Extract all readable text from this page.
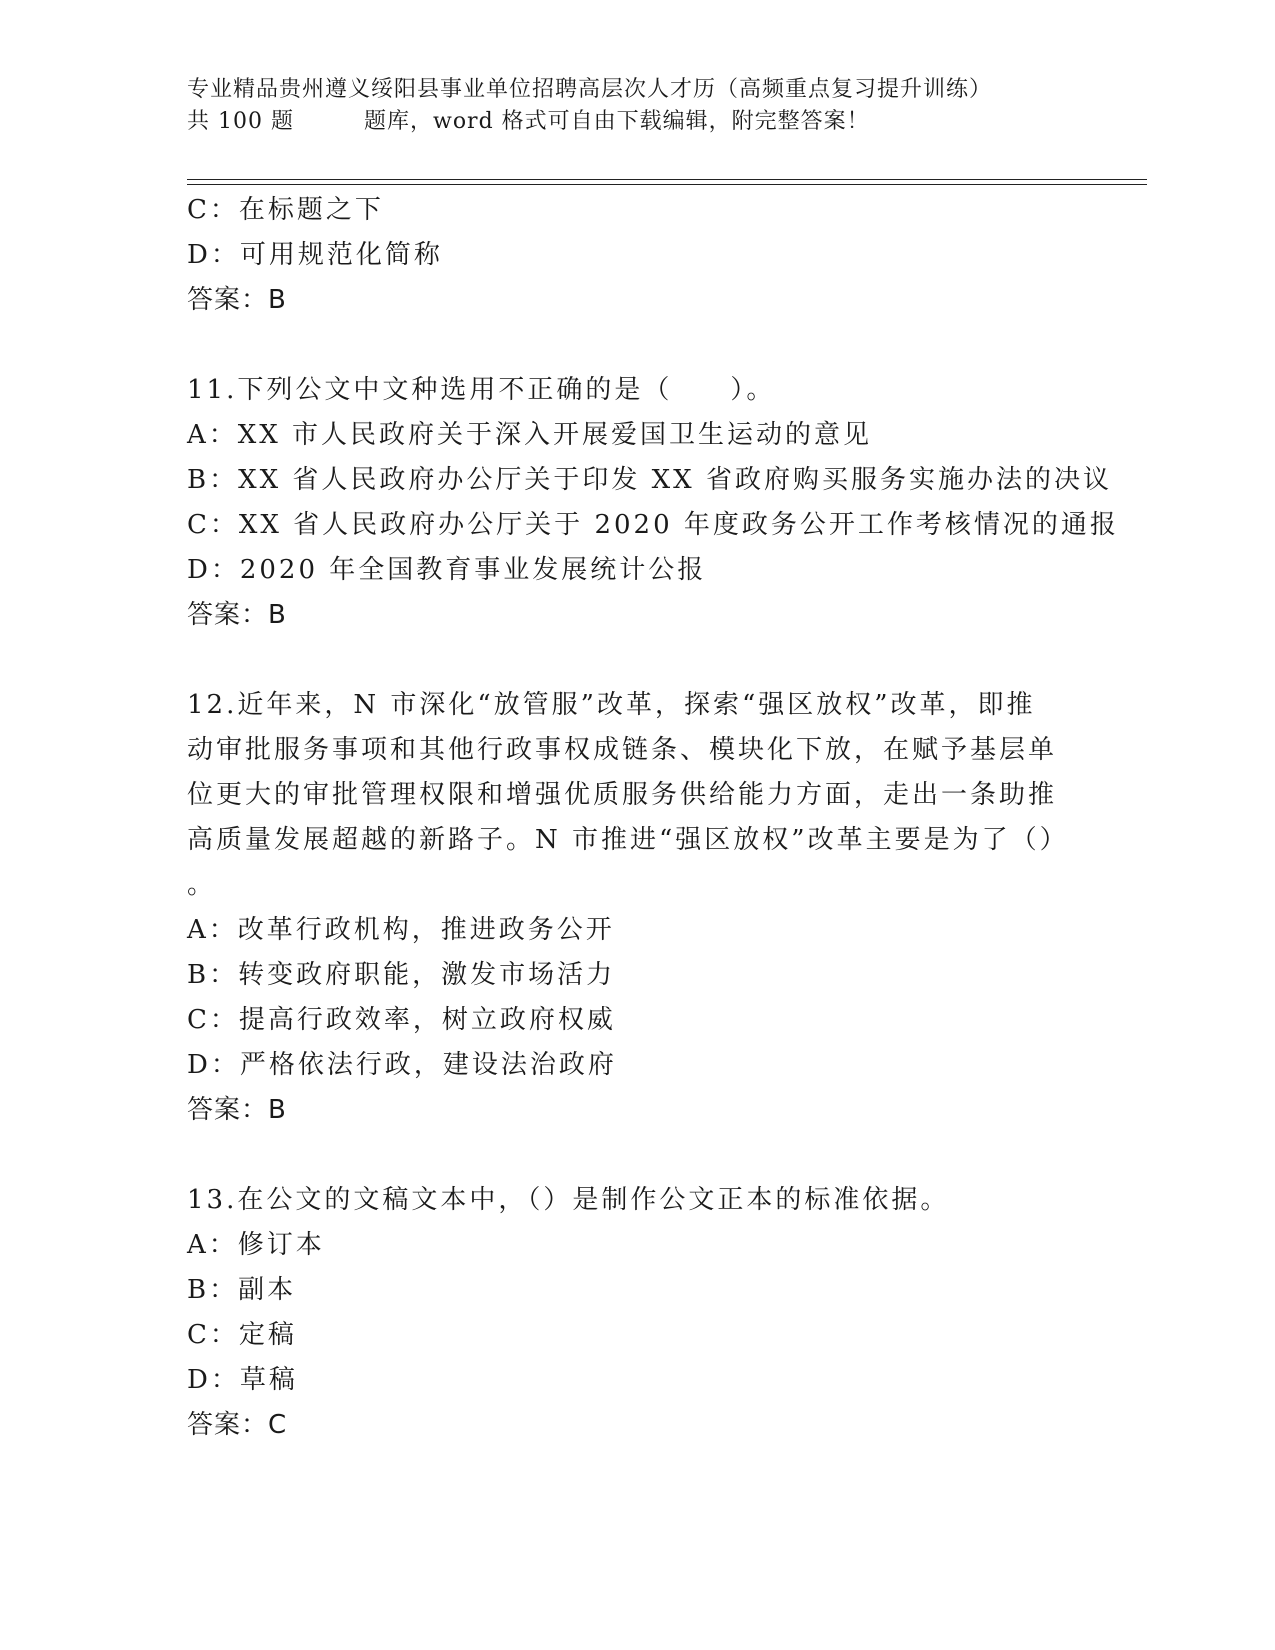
专业精品贵州遵义绥阳县事业单位招聘高层次人才历（高频重点复习提升训练）
共 100 题	题库，word 格式可自由下载编辑，附完整答案！
C：在标题之下
D：可用规范化简称
答案：B
11.下列公文中文种选用不正确的是（　　）。
A：XX 市人民政府关于深入开展爱国卫生运动的意见
B：XX 省人民政府办公厅关于印发 XX 省政府购买服务实施办法的决议
C：XX 省人民政府办公厅关于 2020 年度政务公开工作考核情况的通报
D：2020 年全国教育事业发展统计公报
答案：B
12.近年来，N 市深化“放管服”改革，探索“强区放权”改革，即推
动审批服务事项和其他行政事权成链条、模块化下放，在赋予基层单
位更大的审批管理权限和增强优质服务供给能力方面，走出一条助推
高质量发展超越的新路子。N 市推进“强区放权”改革主要是为了（）
。
A：改革行政机构，推进政务公开
B：转变政府职能，激发市场活力
C：提高行政效率，树立政府权威
D：严格依法行政，建设法治政府
答案：B
13.在公文的文稿文本中，（）是制作公文正本的标准依据。
A：修订本
B：副本
C：定稿
D：草稿
答案：C
